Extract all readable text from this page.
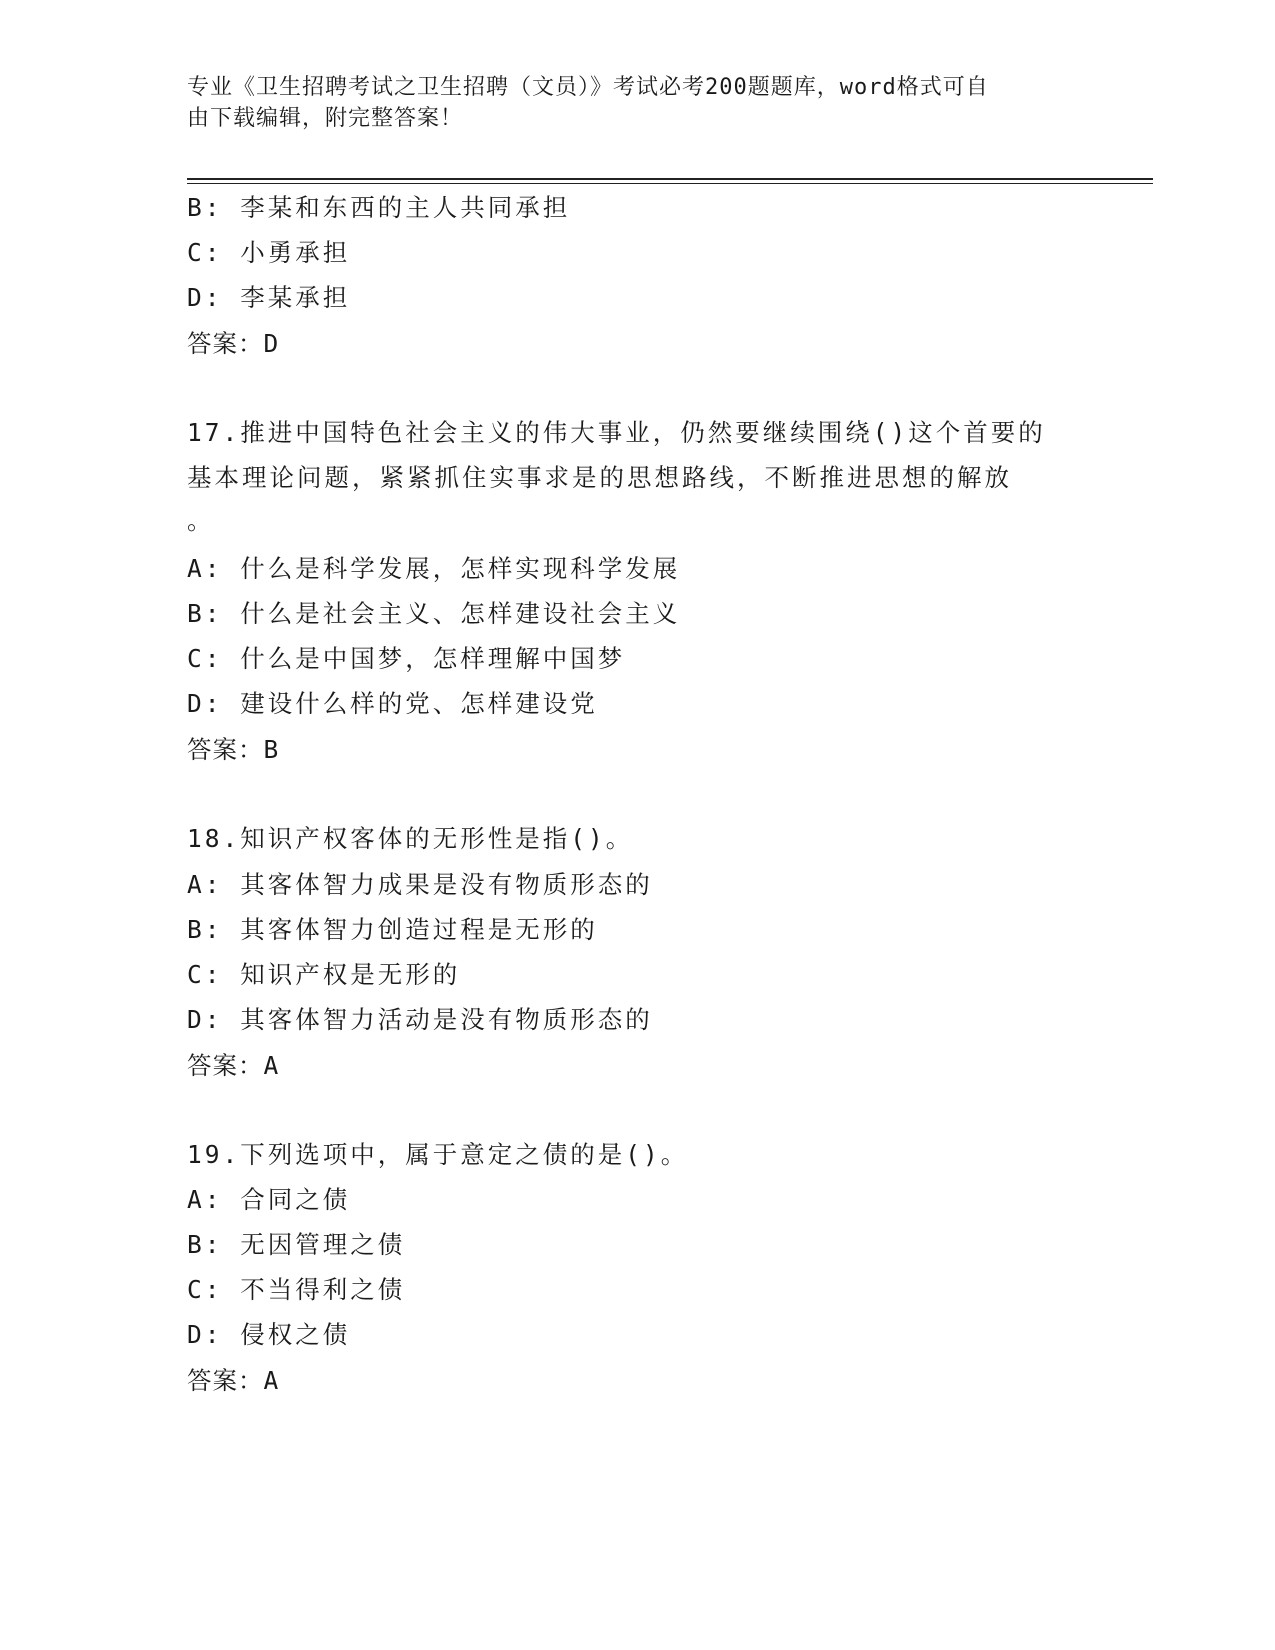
专业《卫生招聘考试之卫生招聘（文员）》考试必考200题题库，word格式可自
由下载编辑，附完整答案！
B: 李某和东西的主人共同承担
C: 小勇承担
D: 李某承担
答案：D
17.推进中国特色社会主义的伟大事业，仍然要继续围绕()这个首要的
基本理论问题，紧紧抓住实事求是的思想路线，不断推进思想的解放
。
A: 什么是科学发展，怎样实现科学发展
B: 什么是社会主义、怎样建设社会主义
C: 什么是中国梦，怎样理解中国梦
D: 建设什么样的党、怎样建设党
答案：B
18.知识产权客体的无形性是指()。
A: 其客体智力成果是没有物质形态的
B: 其客体智力创造过程是无形的
C: 知识产权是无形的
D: 其客体智力活动是没有物质形态的
答案：A
19.下列选项中，属于意定之债的是()。
A: 合同之债
B: 无因管理之债
C: 不当得利之债
D: 侵权之债
答案：A
